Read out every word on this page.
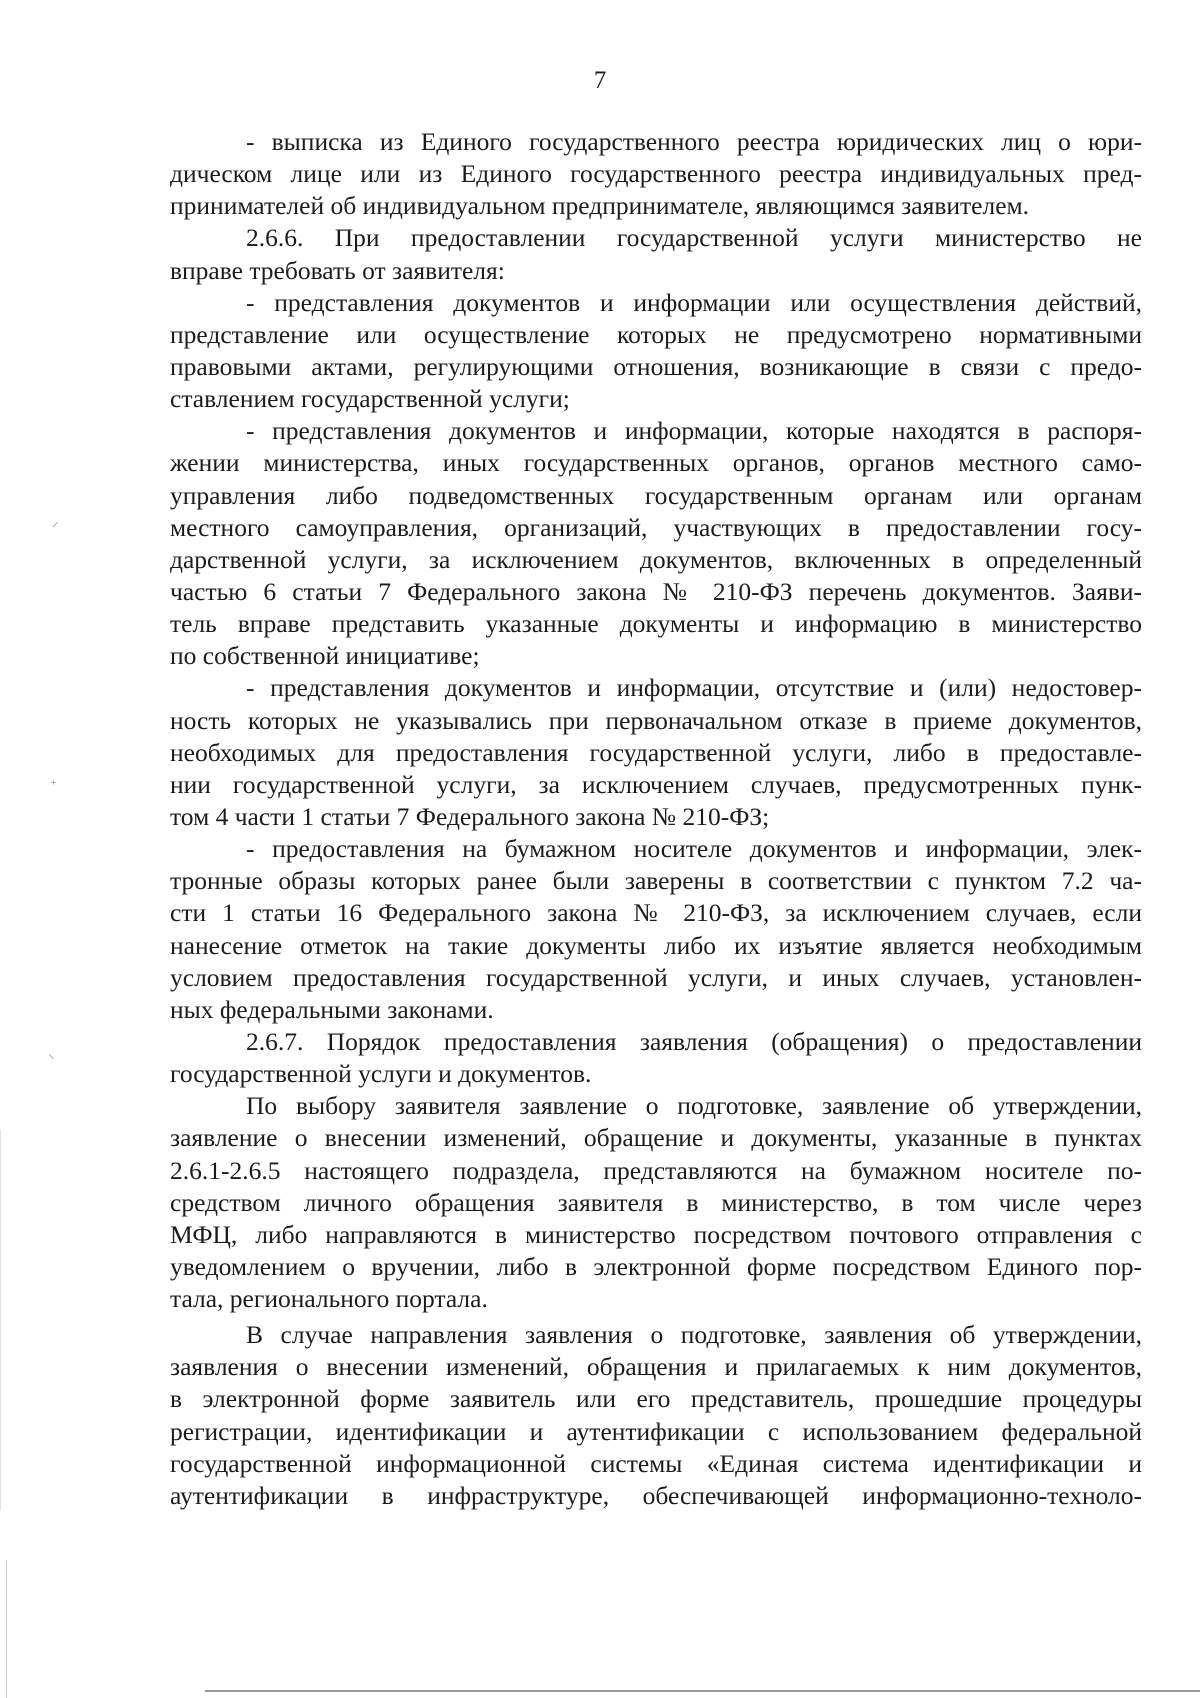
7
- выписка из Единого государственного реестра юридических лиц о юри-
дическом лице или из Единого государственного реестра индивидуальных пред-
принимателей об индивидуальном предпринимателе, являющимся заявителем.
2.6.6. При предоставлении государственной услуги министерство не
вправе требовать от заявителя:
- представления документов и информации или осуществления действий,
представление или осуществление которых не предусмотрено нормативными
правовыми актами, регулирующими отношения, возникающие в связи с предо-
ставлением государственной услуги;
- представления документов и информации, которые находятся в распоря-
жении министерства, иных государственных органов, органов местного само-
управления либо подведомственных государственным органам или органам
местного самоуправления, организаций, участвующих в предоставлении госу-
дарственной услуги, за исключением документов, включенных в определенный
частью 6 статьи 7 Федерального закона № 210-ФЗ перечень документов. Заяви-
тель вправе представить указанные документы и информацию в министерство
по собственной инициативе;
- представления документов и информации, отсутствие и (или) недостовер-
ность которых не указывались при первоначальном отказе в приеме документов,
необходимых для предоставления государственной услуги, либо в предоставле-
нии государственной услуги, за исключением случаев, предусмотренных пунк-
том 4 части 1 статьи 7 Федерального закона № 210-ФЗ;
- предоставления на бумажном носителе документов и информации, элек-
тронные образы которых ранее были заверены в соответствии с пунктом 7.2 ча-
сти 1 статьи 16 Федерального закона № 210-ФЗ, за исключением случаев, если
нанесение отметок на такие документы либо их изъятие является необходимым
условием предоставления государственной услуги, и иных случаев, установлен-
ных федеральными законами.
2.6.7. Порядок предоставления заявления (обращения) о предоставлении
государственной услуги и документов.
По выбору заявителя заявление о подготовке, заявление об утверждении,
заявление о внесении изменений, обращение и документы, указанные в пунктах
2.6.1-2.6.5 настоящего подраздела, представляются на бумажном носителе по-
средством личного обращения заявителя в министерство, в том числе через
МФЦ, либо направляются в министерство посредством почтового отправления с
уведомлением о вручении, либо в электронной форме посредством Единого пор-
тала, регионального портала.
В случае направления заявления о подготовке, заявления об утверждении,
заявления о внесении изменений, обращения и прилагаемых к ним документов,
в электронной форме заявитель или его представитель, прошедшие процедуры
регистрации, идентификации и аутентификации с использованием федеральной
государственной информационной системы «Единая система идентификации и
аутентификации в инфраструктуре, обеспечивающей информационно-техноло-
⸝
⁺
⸜
